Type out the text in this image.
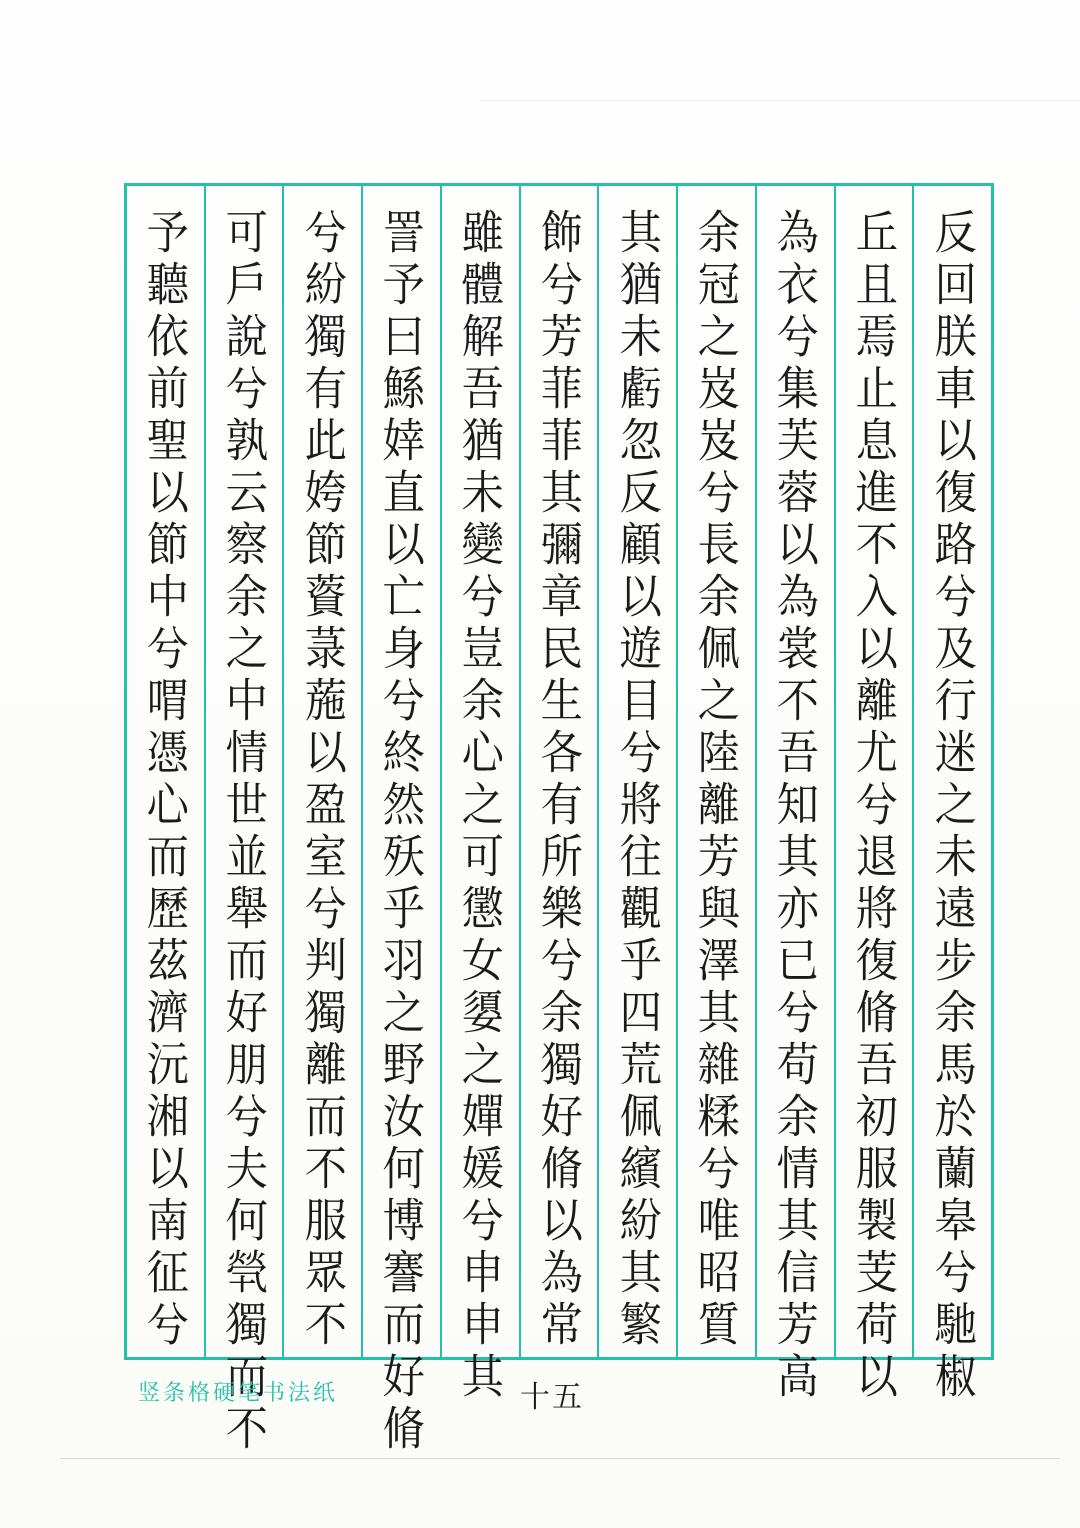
反回朕車以復路兮及行迷之未遠步余馬於蘭皋兮馳椒
丘且焉止息進不入以離尤兮退將復脩吾初服製芰荷以
為衣兮集芙蓉以為裳不吾知其亦已兮苟余情其信芳高
余冠之岌岌兮長余佩之陸離芳與澤其雜糅兮唯昭質
其猶未虧忽反顧以遊目兮將往觀乎四荒佩繽紛其繁
飾兮芳菲菲其彌章民生各有所樂兮余獨好脩以為常
雖體解吾猶未變兮豈余心之可懲女嬃之嬋媛兮申申其
詈予曰鯀婞直以亡身兮終然殀乎羽之野汝何博謇而好脩
兮紛獨有此姱節薋菉葹以盈室兮判獨離而不服眾不
可戶說兮孰云察余之中情世並舉而好朋兮夫何煢獨而不
予聽依前聖以節中兮喟憑心而歷茲濟沅湘以南征兮
竖条格硬笔书法纸	十五
